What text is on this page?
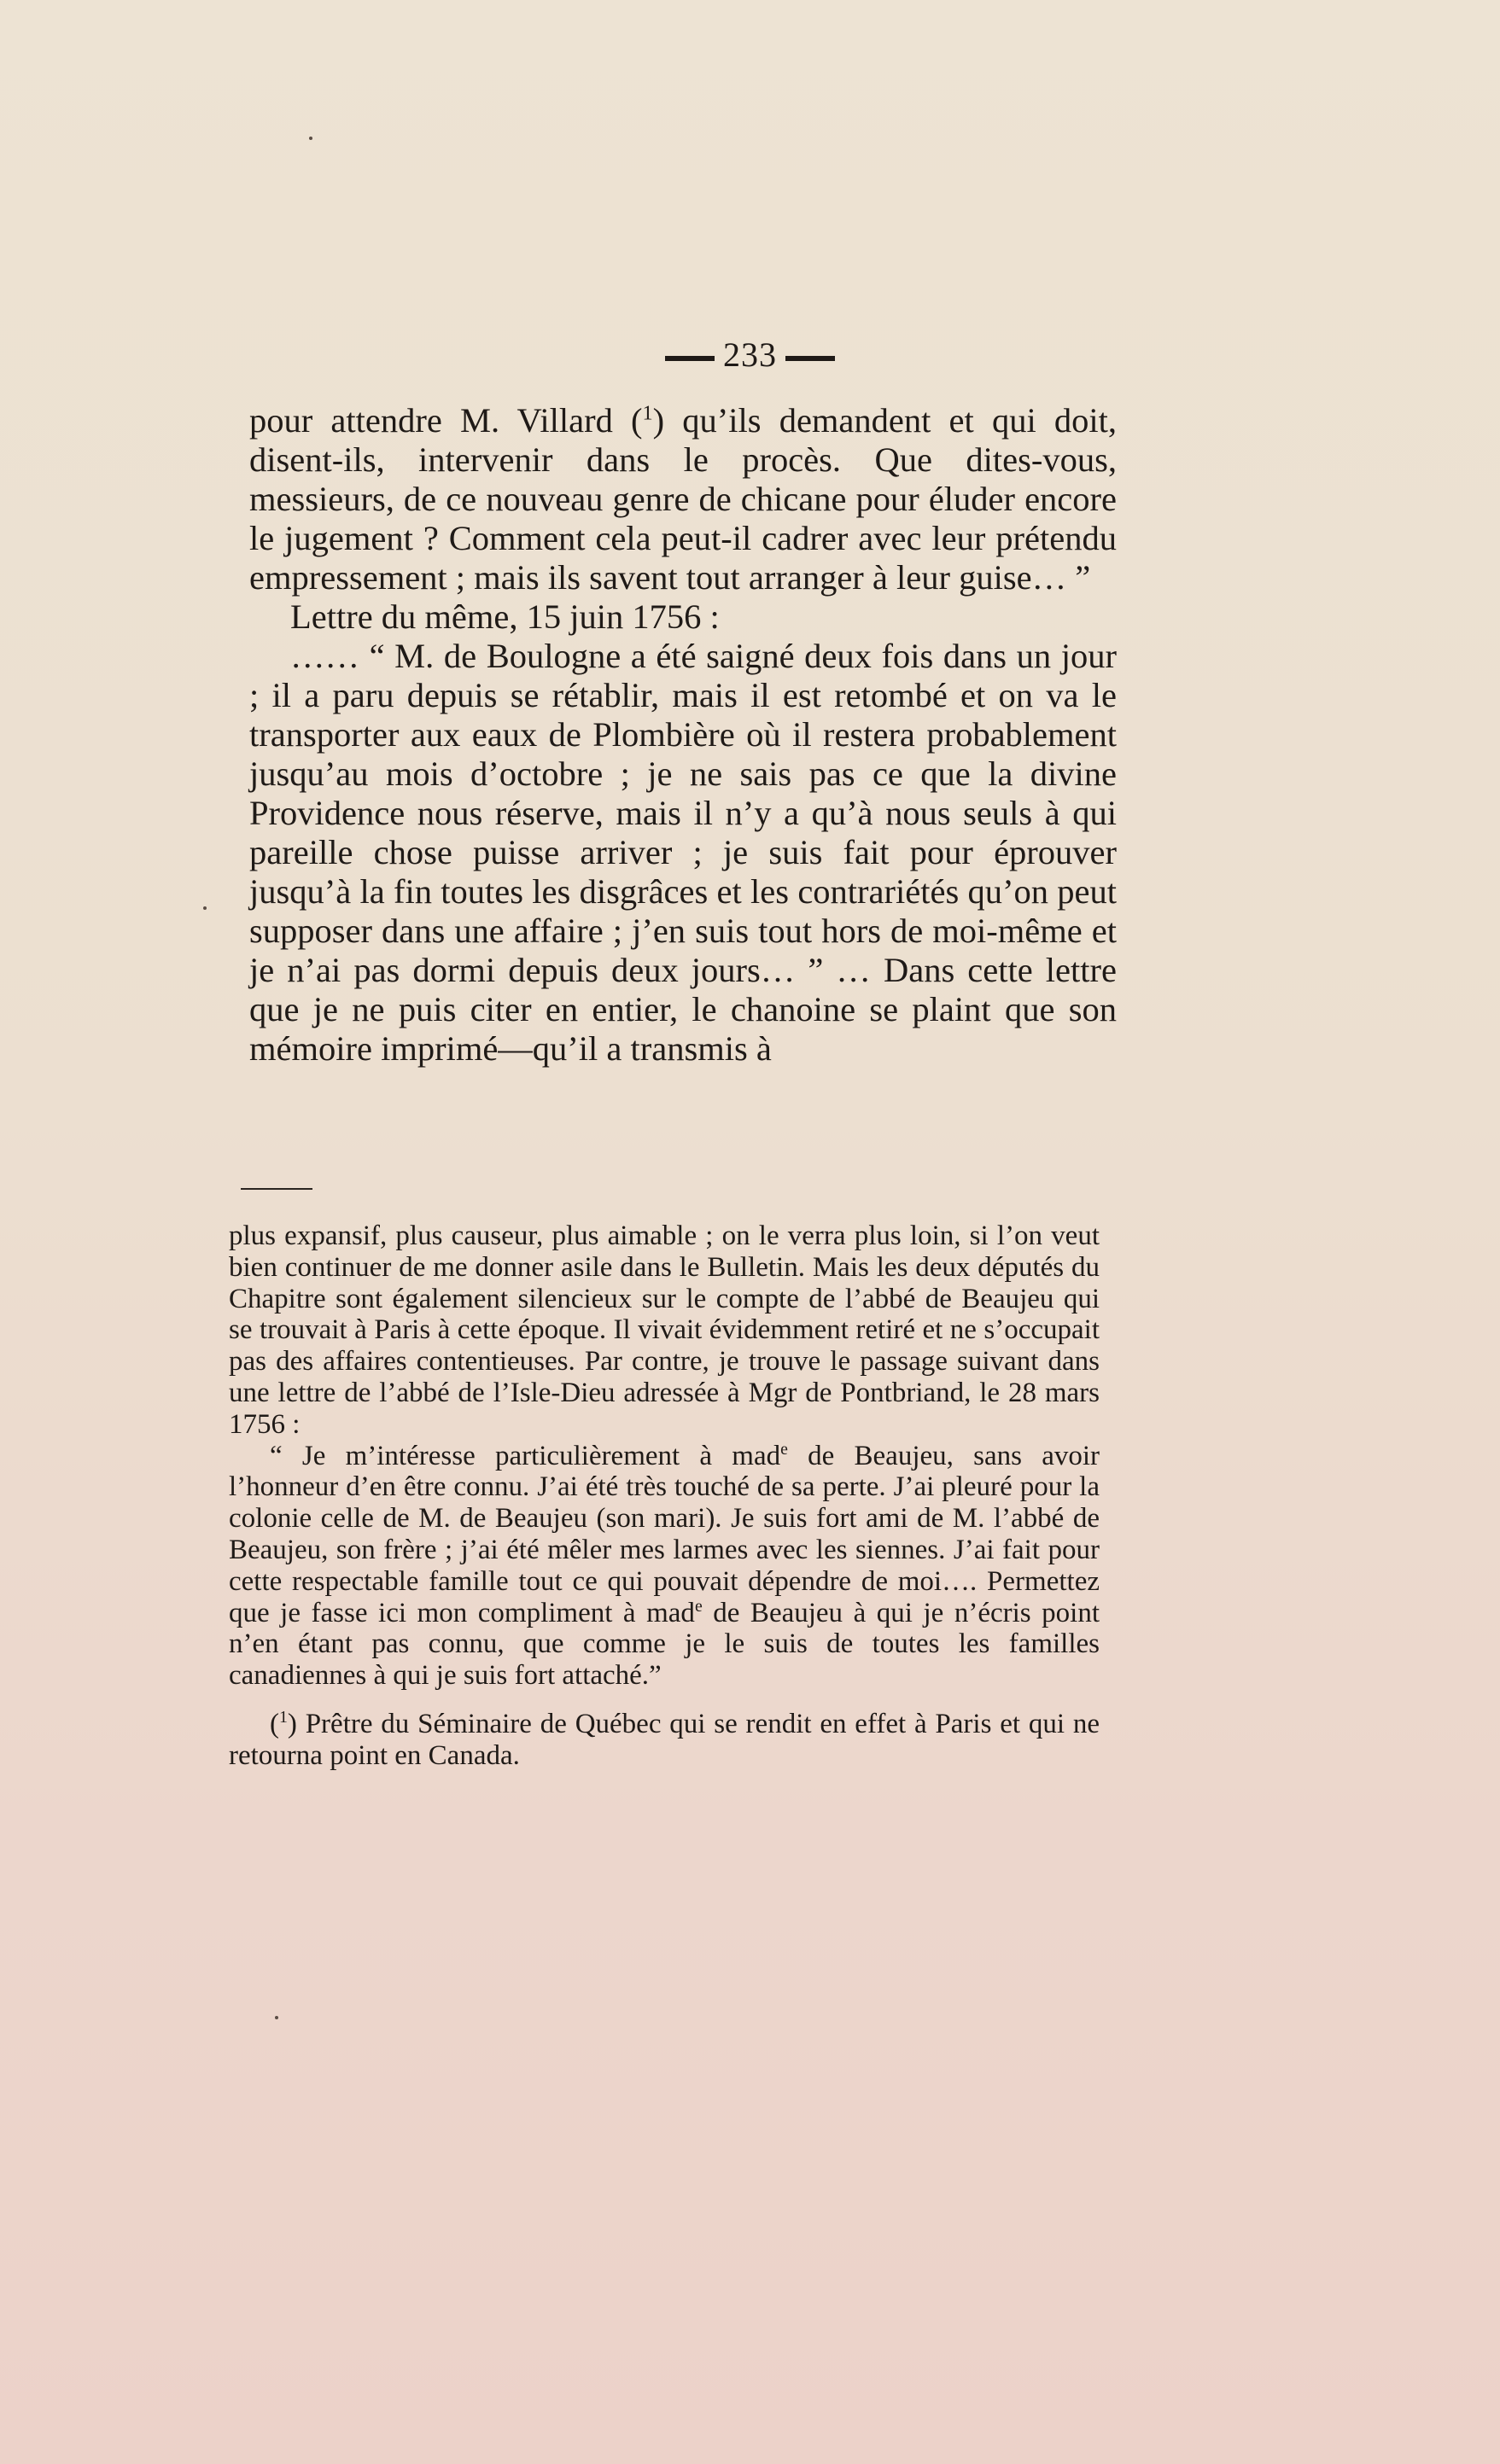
233

pour attendre M. Villard ($^1$) qu’ils demandent et qui doit, disent-ils, intervenir dans le procès. Que dites-vous, messieurs, de ce nouveau genre de chicane pour éluder encore le jugement ? Comment cela peut-il cadrer avec leur prétendu empressement ; mais ils savent tout arranger à leur guise… ”

Lettre du même, 15 juin 1756 :

…… “ M. de Boulogne a été saigné deux fois dans un jour ; il a paru depuis se rétablir, mais il est retombé et on va le transporter aux eaux de Plombière où il restera probablement jusqu’au mois d’octobre ; je ne sais pas ce que la divine Providence nous réserve, mais il n’y a qu’à nous seuls à qui pareille chose puisse arriver ; je suis fait pour éprouver jusqu’à la fin toutes les disgrâces et les contrariétés qu’on peut supposer dans une affaire ; j’en suis tout hors de moi-même et je n’ai pas dormi depuis deux jours… ” … Dans cette lettre que je ne puis citer en entier, le chanoine se plaint que son mémoire imprimé—qu’il a transmis à

plus expansif, plus causeur, plus aimable ; on le verra plus loin, si l’on veut bien continuer de me donner asile dans le Bulletin. Mais les deux députés du Chapitre sont également silencieux sur le compte de l’abbé de Beaujeu qui se trouvait à Paris à cette époque. Il vivait évidemment retiré et ne s’occupait pas des affaires contentieuses. Par contre, je trouve le passage suivant dans une lettre de l’abbé de l’Isle-Dieu adressée à Mgr de Pontbriand, le 28 mars 1756 :

“ Je m’intéresse particulièrement à mad$^e$ de Beaujeu, sans avoir l’honneur d’en être connu. J’ai été très touché de sa perte. J’ai pleuré pour la colonie celle de M. de Beaujeu (son mari). Je suis fort ami de M. l’abbé de Beaujeu, son frère ; j’ai été mêler mes larmes avec les siennes. J’ai fait pour cette respectable famille tout ce qui pouvait dépendre de moi…. Permettez que je fasse ici mon compliment à mad$^e$ de Beaujeu à qui je n’écris point n’en étant pas connu, que comme je le suis de toutes les familles canadiennes à qui je suis fort attaché.”

($^1$) Prêtre du Séminaire de Québec qui se rendit en effet à Paris et qui ne retourna point en Canada.
